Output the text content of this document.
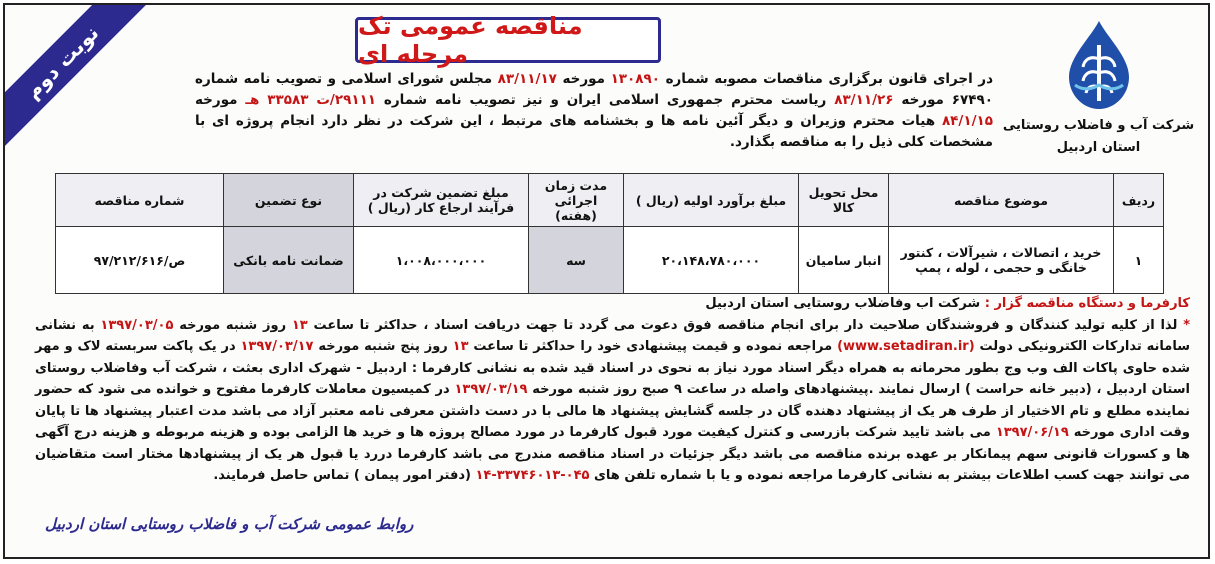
نوبت دوم	مناقصه عمومی تک مرحله ای
شرکت آب و فاضلاب روستایی
استان اردبیل
در اجرای قانون برگزاری مناقصات مصوبه شماره ۱۳۰۸۹۰ مورخه ۸۳/۱۱/۱۷ مجلس شورای اسلامی و تصویب نامه شماره ۶۷۴۹۰ مورخه ۸۳/۱۱/۲۶ ریاست محترم جمهوری اسلامی ایران و نیز تصویب نامه شماره ۲۹۱۱۱/ت ۳۳۵۸۳ هـ مورخه ۸۴/۱/۱۵ هیات محترم وزیران و دیگر آئین نامه ها و بخشنامه های مرتبط ، این شرکت در نظر دارد انجام پروژه ای با مشخصات کلی ذیل را به مناقصه بگذارد.
ردیف	موضوع مناقصه	محل تحویل کالا	مبلغ برآورد اولیه (ریال )	مدت زمان اجرائی (هفته)	مبلغ تضمین شرکت در فرآیند ارجاع کار (ریال )	نوع تضمین	شماره مناقصه
۱	خرید ، اتصالات ، شیرآلات ، کنتور خانگی و حجمی ، لوله ، پمپ	انبار سامیان	۲۰،۱۴۸،۷۸۰،۰۰۰	سه	۱،۰۰۸،۰۰۰،۰۰۰	ضمانت نامه بانکی	ص/۹۷/۲۱۲/۶۱۶

کارفرما و دستگاه مناقصه گزار : شرکت اب وفاضلاب روستایی استان اردبیل

* لذا از کلیه تولید کنندگان و فروشندگان صلاحیت دار برای انجام مناقصه فوق دعوت می گردد تا جهت دریافت اسناد ، حداکثر تا ساعت ۱۳ روز شنبه مورخه ۱۳۹۷/۰۳/۰۵ به نشانی سامانه تدارکات الکترونیکی دولت (www.setadiran.ir) مراجعه نموده و قیمت پیشنهادی خود را حداکثر تا ساعت ۱۳ روز پنج شنبه مورخه ۱۳۹۷/۰۳/۱۷ در یک پاکت سربسته لاک و مهر شده حاوی پاکات الف وب وج بطور محرمانه به همراه دیگر اسناد مورد نیاز به نحوی در اسناد قید شده به نشانی کارفرما : اردبیل - شهرک اداری بعثت ، شرکت آب وفاضلاب روستای استان اردبیل ، (دبیر خانه حراست ) ارسال نمایند .پیشنهادهای واصله در ساعت ۹ صبح روز شنبه مورخه ۱۳۹۷/۰۳/۱۹ در کمیسیون معاملات کارفرما مفتوح و خوانده می شود که حضور نماینده مطلع و تام الاختیار از طرف هر یک از پیشنهاد دهنده گان در جلسه گشایش پیشنهاد ها مالی با در دست داشتن معرفی نامه معتبر آزاد می باشد مدت اعتبار پیشنهاد ها تا پایان وقت اداری مورخه ۱۳۹۷/۰۶/۱۹ می باشد تایید شرکت بازرسی و کنترل کیفیت مورد قبول کارفرما در مورد مصالح پروژه ها و خرید ها الزامی بوده و هزینه مربوطه و هزینه درج آگهی ها و کسورات قانونی سهم پیمانکار بر عهده برنده مناقصه می باشد دیگر جزئیات در اسناد مناقصه مندرج می باشد کارفرما دررد یا قبول هر یک از پیشنهادها مختار است متقاضیان می توانند جهت کسب اطلاعات بیشتر به نشانی کارفرما مراجعه نموده و یا با شماره تلفن های ۰۴۵-۳۳۷۴۶۰۱۳-۱۴ (دفتر امور پیمان ) تماس حاصل فرمایند.

روابط عمومی شرکت آب و فاضلاب روستایی استان اردبیل
